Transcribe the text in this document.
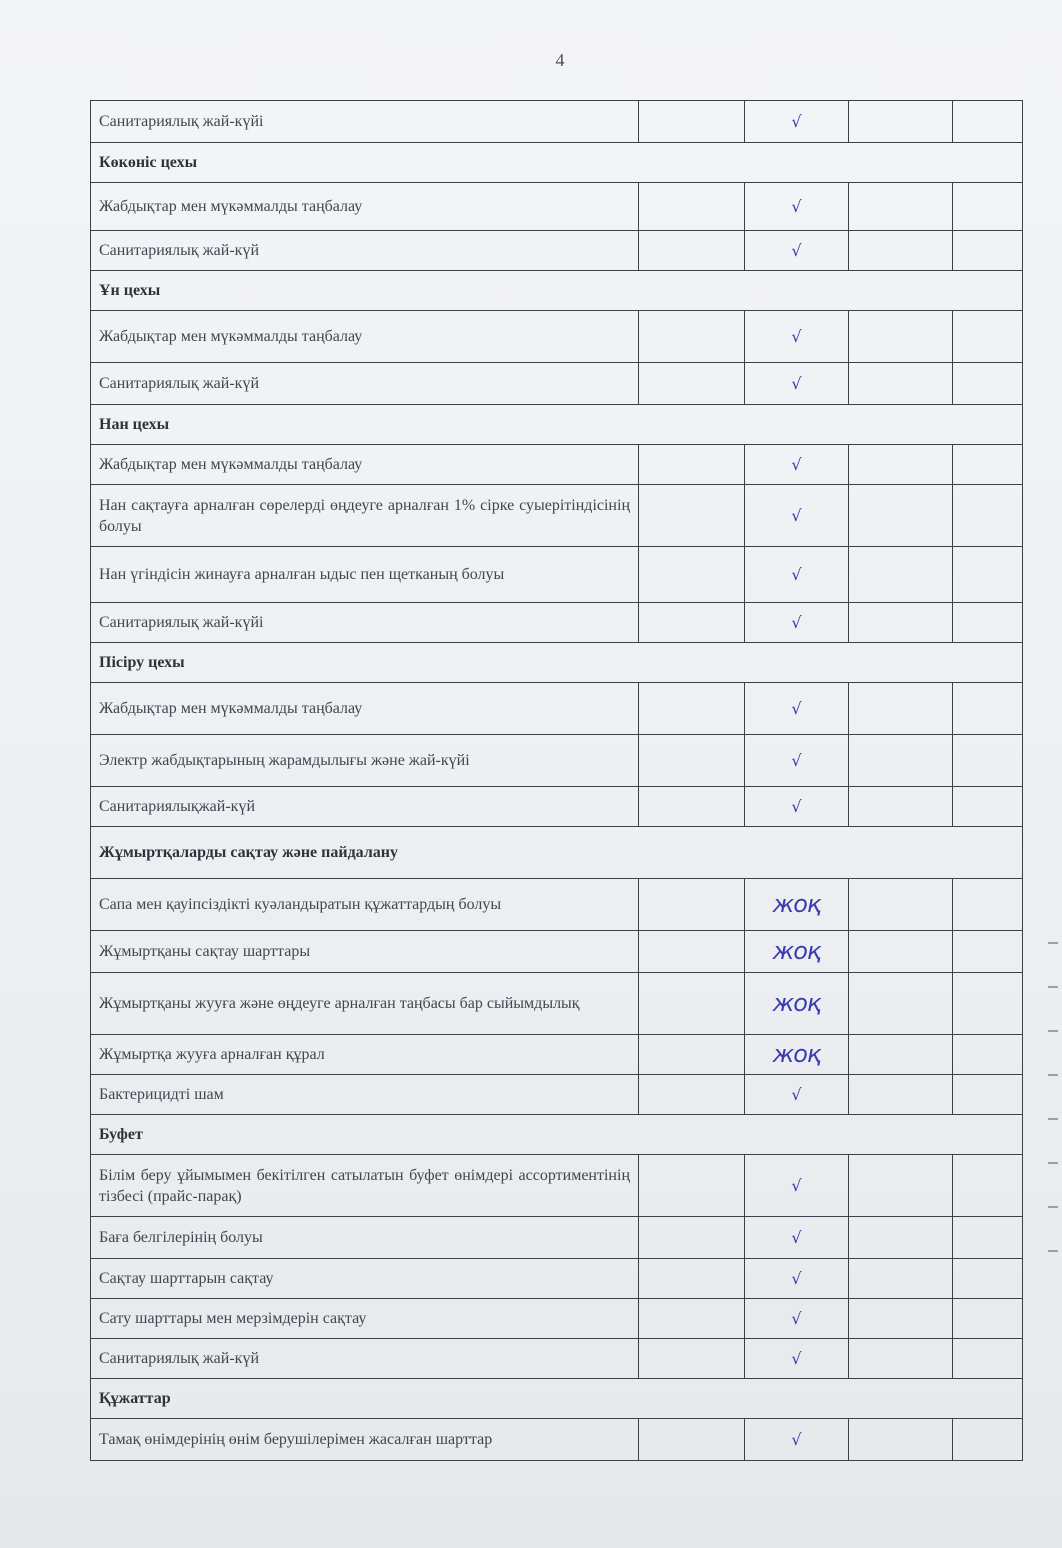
4
Санитариялық жай-күйі		√		
Көкөніс цехы				
Жабдықтар мен мүкәммалды таңбалау		√		
Санитариялық жай-күй		√		
Ұн цехы				
Жабдықтар мен мүкәммалды таңбалау		√		
Санитариялық жай-күй		√		
Нан цехы				
Жабдықтар мен мүкәммалды таңбалау		√		
Нан сақтауға арналған сөрелерді өңдеуге арналған 1% сірке суыерітіндісінің болуы		√		
Нан үгіндісін жинауға арналған ыдыс пен щетканың болуы		√		
Санитариялық жай-күйі		√		
Пісіру цехы				
Жабдықтар мен мүкәммалды таңбалау		√		
Электр жабдықтарының жарамдылығы және жай-күйі		√		
Санитариялықжай-күй		√		
Жұмыртқаларды сақтау және пайдалану				
Сапа мен қауіпсіздікті куәландыратын құжаттардың болуы		жоқ		
Жұмыртқаны сақтау шарттары		жоқ		
Жұмыртқаны жууға және өңдеуге арналған таңбасы бар сыйымдылық		жоқ		
Жұмыртқа жууға арналған құрал		жоқ		
Бактерицидті шам		√		
Буфет				
Білім беру ұйымымен бекітілген сатылатын буфет өнімдері ассортиментінің тізбесі (прайс-парақ)		√		
Баға белгілерінің болуы		√		
Сақтау шарттарын сақтау		√		
Сату шарттары мен мерзімдерін сақтау		√		
Санитариялық жай-күй		√		
Құжаттар				
Тамақ өнімдерінің өнім берушілерімен жасалған шарттар		√		
